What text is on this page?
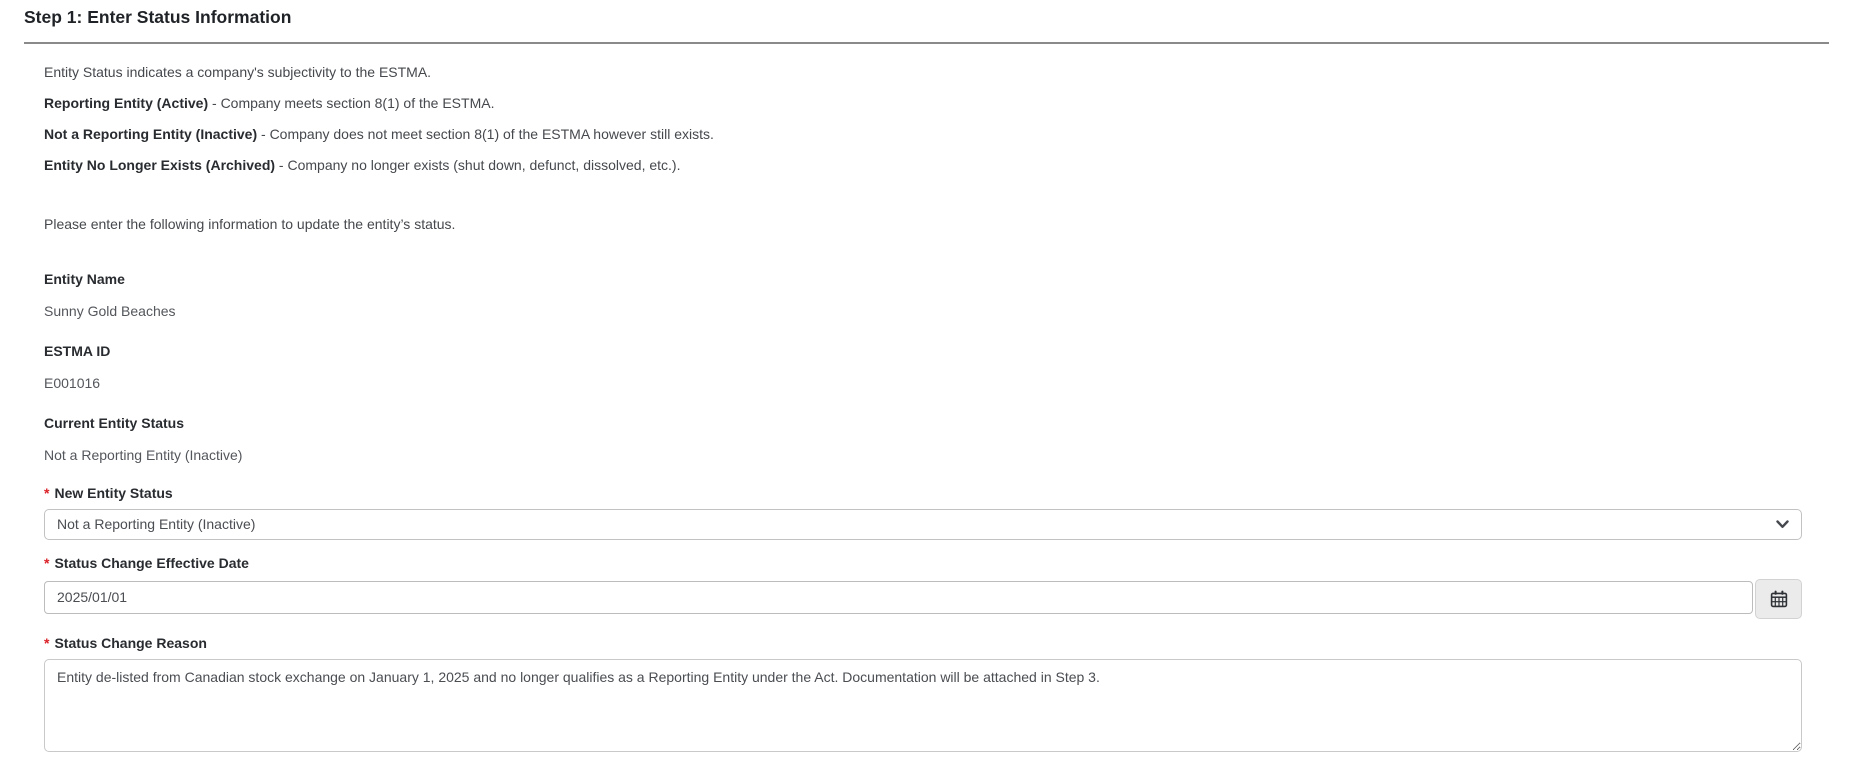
Step 1: Enter Status Information

Entity Status indicates a company's subjectivity to the ESTMA.

Reporting Entity (Active) - Company meets section 8(1) of the ESTMA.

Not a Reporting Entity (Inactive) - Company does not meet section 8(1) of the ESTMA however still exists.

Entity No Longer Exists (Archived) - Company no longer exists (shut down, defunct, dissolved, etc.).

Please enter the following information to update the entity’s status.

Entity Name
Sunny Gold Beaches
ESTMA ID
E001016
Current Entity Status
Not a Reporting Entity (Inactive)
* New Entity Status
Not a Reporting Entity (Inactive)
* Status Change Effective Date
2025/01/01
* Status Change Reason
Entity de-listed from Canadian stock exchange on January 1, 2025 and no longer qualifies as a Reporting Entity under the Act. Documentation will be attached in Step 3.
